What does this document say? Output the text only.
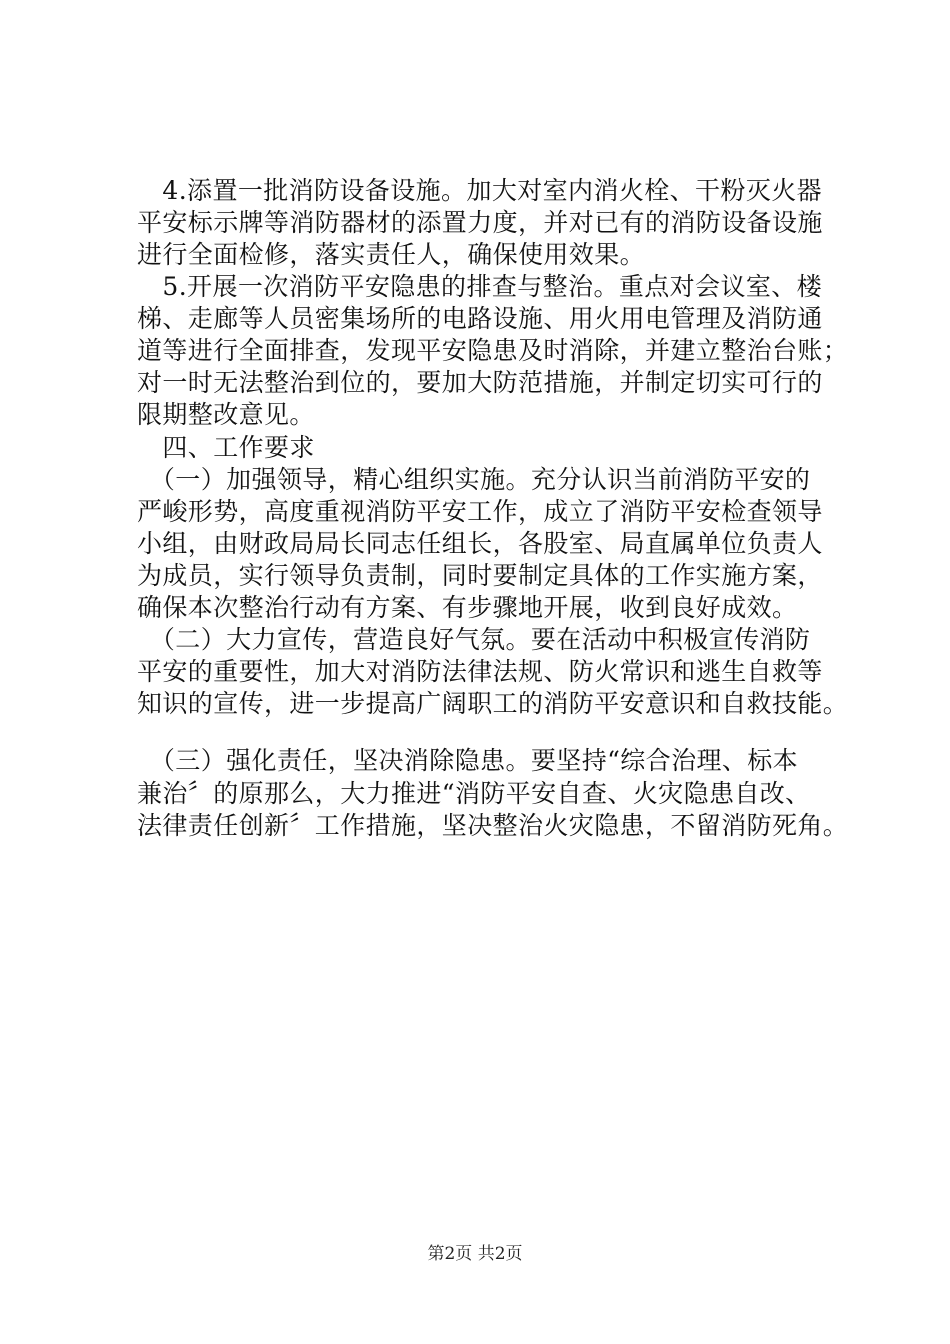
　4.添置一批消防设备设施。加大对室内消火栓、干粉灭火器
平安标示牌等消防器材的添置力度，并对已有的消防设备设施
进行全面检修，落实责任人，确保使用效果。
　5.开展一次消防平安隐患的排查与整治。重点对会议室、楼
梯、走廊等人员密集场所的电路设施、用火用电管理及消防通
道等进行全面排查，发现平安隐患及时消除，并建立整治台账；
对一时无法整治到位的，要加大防范措施，并制定切实可行的
限期整改意见。
　四、工作要求
　（一）加强领导，精心组织实施。充分认识当前消防平安的
严峻形势，高度重视消防平安工作，成立了消防平安检查领导
小组，由财政局局长同志任组长，各股室、局直属单位负责人
为成员，实行领导负责制，同时要制定具体的工作实施方案，
确保本次整治行动有方案、有步骤地开展，收到良好成效。
　（二）大力宣传，营造良好气氛。要在活动中积极宣传消防
平安的重要性，加大对消防法律法规、防火常识和逃生自救等
知识的宣传，进一步提高广阔职工的消防平安意识和自救技能。
　（三）强化责任，坚决消除隐患。要坚持“综合治理、标本
兼治〞的原那么，大力推进“消防平安自查、火灾隐患自改、
法律责任创新〞工作措施，坚决整治火灾隐患，不留消防死角。
第2页 共2页
